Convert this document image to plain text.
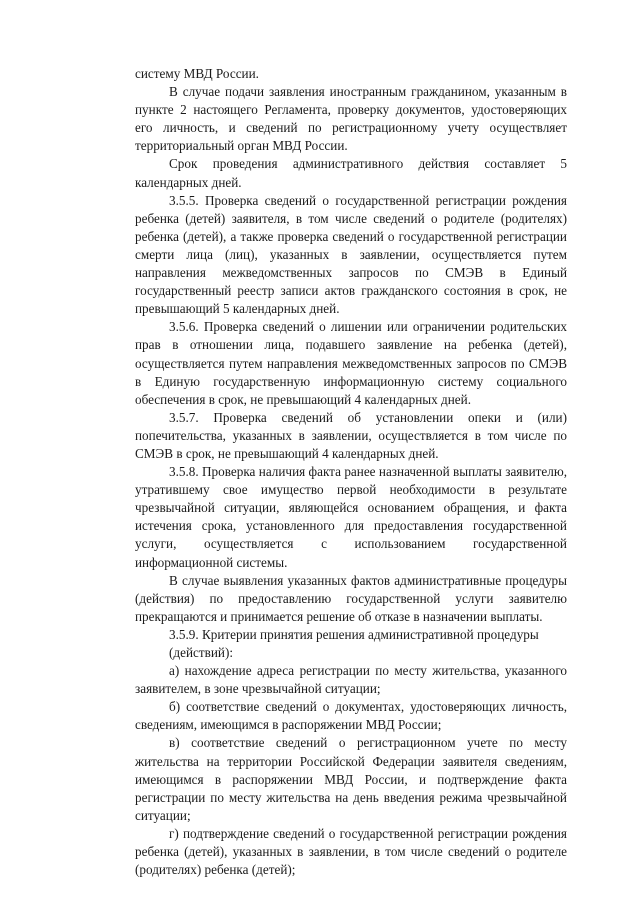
систему МВД России.

В случае подачи заявления иностранным гражданином, указанным в пункте 2 настоящего Регламента, проверку документов, удостоверяющих его личность, и сведений по регистрационному учету осуществляет территориальный орган МВД России.

Срок проведения административного действия составляет 5 календарных дней.

3.5.5. Проверка сведений о государственной регистрации рождения ребенка (детей) заявителя, в том числе сведений о родителе (родителях) ребенка (детей), а также проверка сведений о государственной регистрации смерти лица (лиц), указанных в заявлении, осуществляется путем направления межведомственных запросов по СМЭВ в Единый государственный реестр записи актов гражданского состояния в срок, не превышающий 5 календарных дней.

3.5.6. Проверка сведений о лишении или ограничении родительских прав в отношении лица, подавшего заявление на ребенка (детей), осуществляется путем направления межведомственных запросов по СМЭВ в Единую государственную информационную систему социального обеспечения в срок, не превышающий 4 календарных дней.

3.5.7. Проверка сведений об установлении опеки и (или) попечительства, указанных в заявлении, осуществляется в том числе по СМЭВ в срок, не превышающий 4 календарных дней.

3.5.8. Проверка наличия факта ранее назначенной выплаты заявителю, утратившему свое имущество первой необходимости в результате чрезвычайной ситуации, являющейся основанием обращения, и факта истечения срока, установленного для предоставления государственной услуги, осуществляется с использованием государственной информационной системы.

В случае выявления указанных фактов административные процедуры (действия) по предоставлению государственной услуги заявителю прекращаются и принимается решение об отказе в назначении выплаты.

3.5.9. Критерии принятия решения административной процедуры

(действий):

а) нахождение адреса регистрации по месту жительства, указанного заявителем, в зоне чрезвычайной ситуации;

б) соответствие сведений о документах, удостоверяющих личность, сведениям, имеющимся в распоряжении МВД России;

в) соответствие сведений о регистрационном учете по месту жительства на территории Российской Федерации заявителя сведениям, имеющимся в распоряжении МВД России, и подтверждение факта регистрации по месту жительства на день введения режима чрезвычайной ситуации;

г) подтверждение сведений о государственной регистрации рождения ребенка (детей), указанных в заявлении, в том числе сведений о родителе (родителях) ребенка (детей);
